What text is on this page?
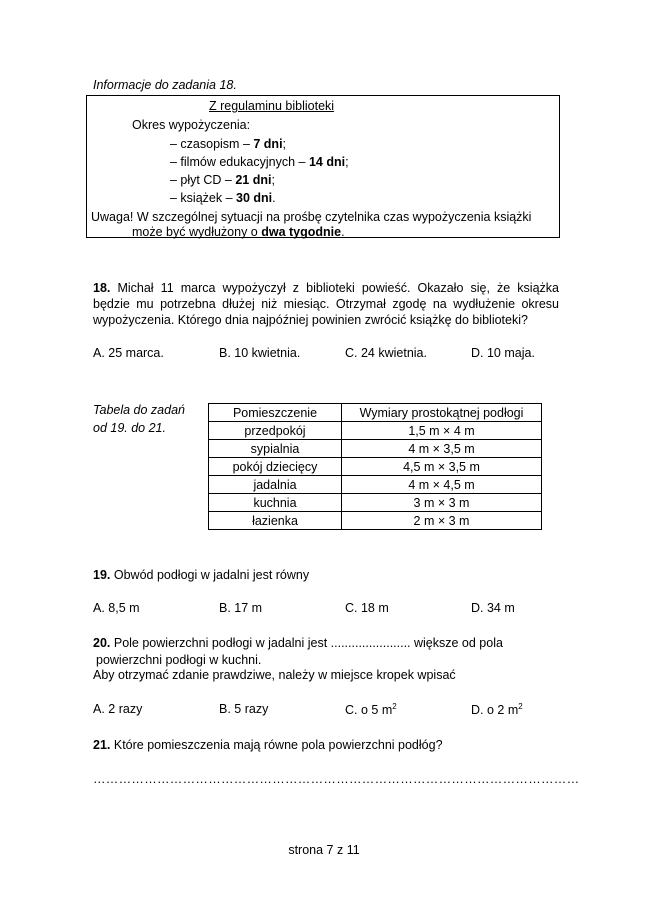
Informacje do zadania 18.
Z regulaminu biblioteki
Okres wypożyczenia:
– czasopism – 7 dni;
– filmów edukacyjnych – 14 dni;
– płyt CD – 21 dni;
– książek – 30 dni.
Uwaga! W szczególnej sytuacji na prośbę czytelnika czas wypożyczenia książki
może być wydłużony o dwa tygodnie.
18. Michał 11 marca wypożyczył z biblioteki powieść. Okazało się, że książka będzie mu potrzebna dłużej niż miesiąc. Otrzymał zgodę na wydłużenie okresu wypożyczenia. Którego dnia najpóźniej powinien zwrócić książkę do biblioteki?
A. 25 marca.	B. 10 kwietnia.	C. 24 kwietnia.	D. 10 maja.
Tabela do zadań
od 19. do 21.
Pomieszczenie	Wymiary prostokątnej podłogi
przedpokój	1,5 m × 4 m
sypialnia	4 m × 3,5 m
pokój dziecięcy	4,5 m × 3,5 m
jadalnia	4 m × 4,5 m
kuchnia	3 m × 3 m
łazienka	2 m × 3 m
19. Obwód podłogi w jadalni jest równy
A. 8,5 m	B. 17 m	C. 18 m	D. 34 m
20. Pole powierzchni podłogi w jadalni jest ....................... większe od pola
powierzchni podłogi w kuchni.
Aby otrzymać zdanie prawdziwe, należy w miejsce kropek wpisać
A. 2 razy	B. 5 razy	C. o 5 $m^2$	D. o 2 $m^2$
21. Które pomieszczenia mają równe pola powierzchni podłóg?
……………………………………………………………………………………………………
strona 7 z 11
